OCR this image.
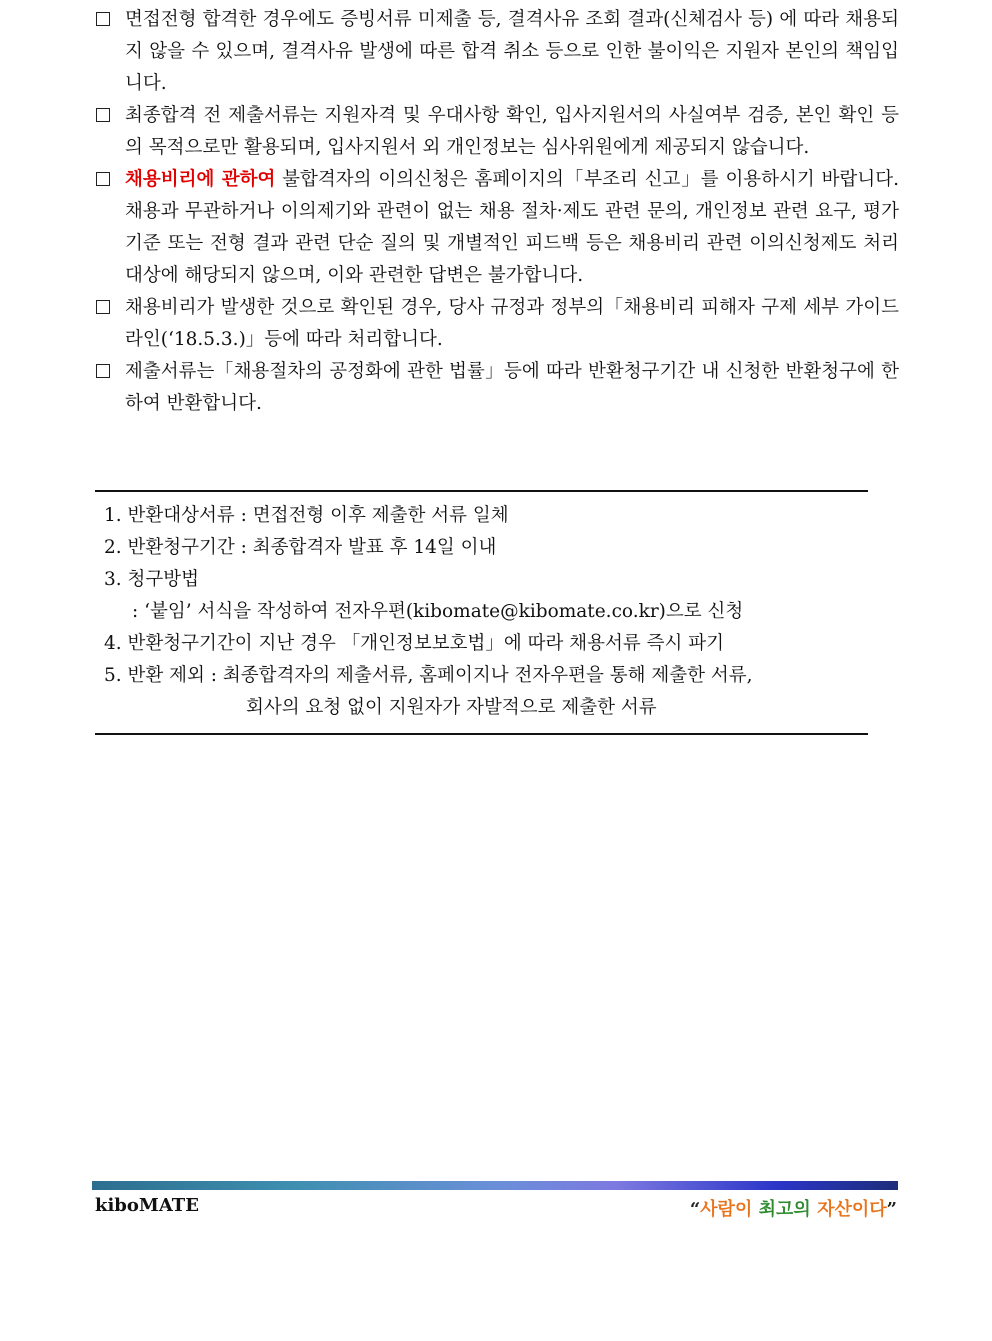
면접전형 합격한 경우에도 증빙서류 미제출 등, 결격사유 조회 결과(신체검사 등) 에 따라 채용되지 않을 수 있으며, 결격사유 발생에 따른 합격 취소 등으로 인한 불이익은 지원자 본인의 책임입니다.

최종합격 전 제출서류는 지원자격 및 우대사항 확인, 입사지원서의 사실여부 검증, 본인 확인 등의 목적으로만 활용되며, 입사지원서 외 개인정보는 심사위원에게 제공되지 않습니다.

채용비리에 관하여 불합격자의 이의신청은 홈페이지의「부조리 신고」를 이용하시기 바랍니다. 채용과 무관하거나 이의제기와 관련이 없는 채용 절차·제도 관련 문의, 개인정보 관련 요구, 평가기준 또는 전형 결과 관련 단순 질의 및 개별적인 피드백 등은 채용비리 관련 이의신청제도 처리 대상에 해당되지 않으며, 이와 관련한 답변은 불가합니다.

채용비리가 발생한 것으로 확인된 경우, 당사 규정과 정부의「채용비리 피해자 구제 세부 가이드라인(‘18.5.3.)」등에 따라 처리합니다.

제출서류는「채용절차의 공정화에 관한 법률」등에 따라 반환청구기간 내 신청한 반환청구에 한하여 반환합니다.

1. 반환대상서류 : 면접전형 이후 제출한 서류 일체
2. 반환청구기간 : 최종합격자 발표 후 14일 이내
3. 청구방법
: ‘붙임’ 서식을 작성하여 전자우편(kibomate@kibomate.co.kr)으로 신청
4. 반환청구기간이 지난 경우 「개인정보보호법」에 따라 채용서류 즉시 파기
5. 반환 제외 : 최종합격자의 제출서류, 홈페이지나 전자우편을 통해 제출한 서류,
회사의 요청 없이 지원자가 자발적으로 제출한 서류
kiboMATE	“사람이 최고의 자산이다”
